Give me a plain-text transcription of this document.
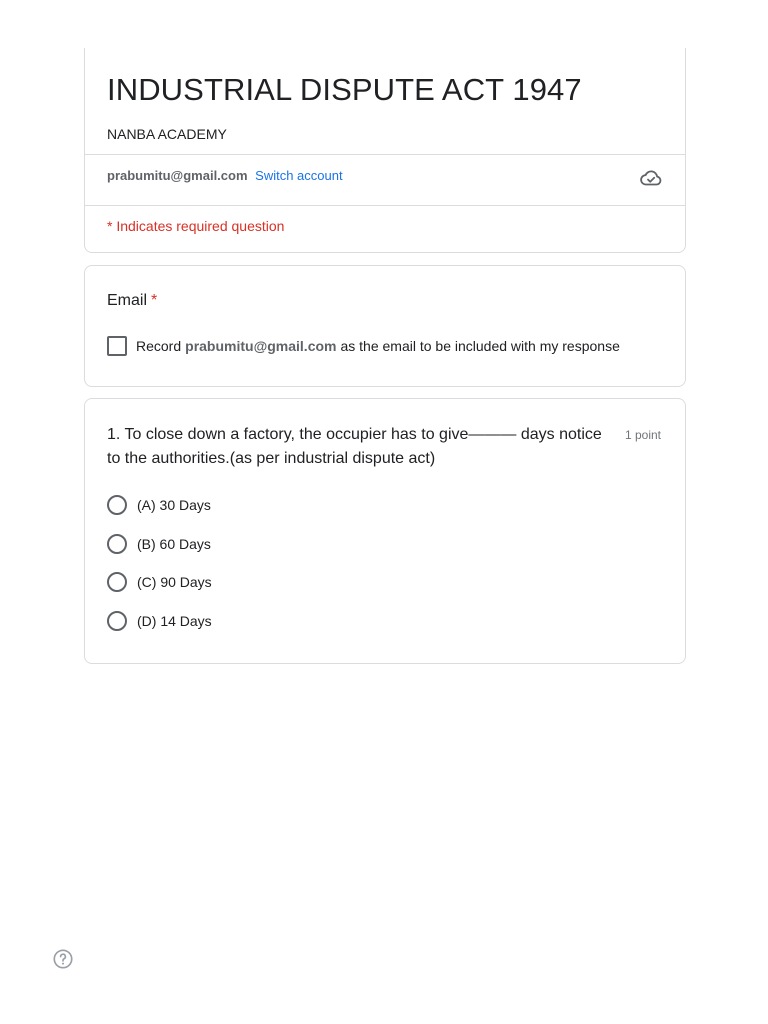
INDUSTRIAL DISPUTE ACT 1947
NANBA ACADEMY
prabumitu@gmail.com Switch account
* Indicates required question
Email *
Record prabumitu@gmail.com as the email to be included with my response
1. To close down a factory, the occupier has to give——— days notice to the authorities.(as per industrial dispute act)
1 point
(A) 30 Days
(B) 60 Days
(C) 90 Days
(D) 14 Days
